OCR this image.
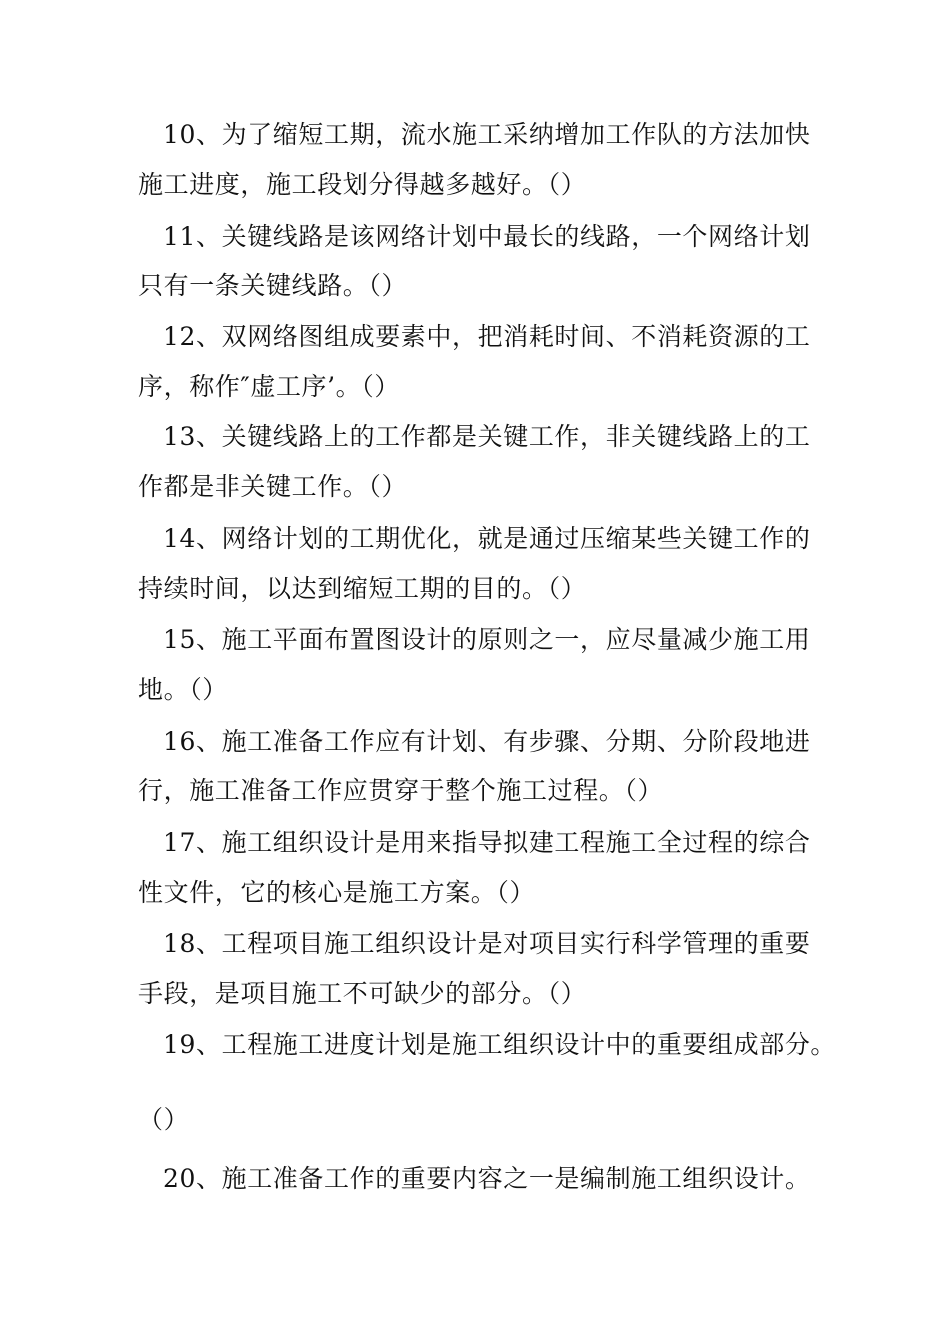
10、为了缩短工期，流水施工采纳增加工作队的方法加快
施工进度，施工段划分得越多越好。（）
11、关键线路是该网络计划中最长的线路，一个网络计划
只有一条关键线路。（）
12、双网络图组成要素中，把消耗时间、不消耗资源的工
序，称作″虚工序’。（）
13、关键线路上的工作都是关键工作，非关键线路上的工
作都是非关键工作。（）
14、网络计划的工期优化，就是通过压缩某些关键工作的
持续时间，以达到缩短工期的目的。（）
15、施工平面布置图设计的原则之一，应尽量减少施工用
地。（）
16、施工准备工作应有计划、有步骤、分期、分阶段地进
行，施工准备工作应贯穿于整个施工过程。（）
17、施工组织设计是用来指导拟建工程施工全过程的综合
性文件，它的核心是施工方案。（）
18、工程项目施工组织设计是对项目实行科学管理的重要
手段，是项目施工不可缺少的部分。（）
19、工程施工进度计划是施工组织设计中的重要组成部分。
（）
20、施工准备工作的重要内容之一是编制施工组织设计。
